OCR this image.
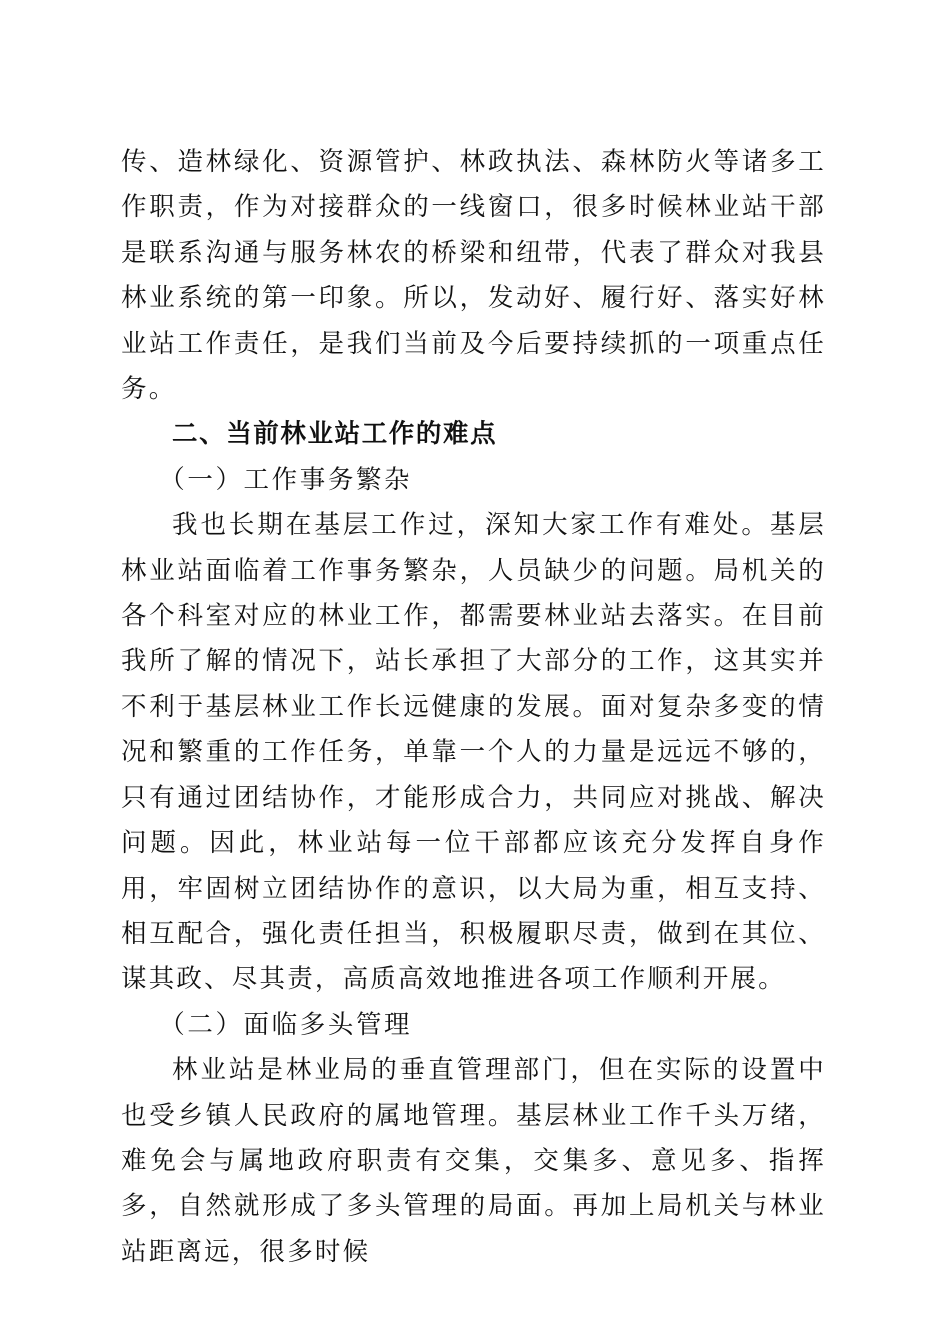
传、造林绿化、资源管护、林政执法、森林防火等诸多工作职责，作为对接群众的一线窗口，很多时候林业站干部是联系沟通与服务林农的桥梁和纽带，代表了群众对我县林业系统的第一印象。所以，发动好、履行好、落实好林业站工作责任，是我们当前及今后要持续抓的一项重点任务。

二、当前林业站工作的难点

（一）工作事务繁杂

我也长期在基层工作过，深知大家工作有难处。基层林业站面临着工作事务繁杂，人员缺少的问题。局机关的各个科室对应的林业工作，都需要林业站去落实。在目前我所了解的情况下，站长承担了大部分的工作，这其实并不利于基层林业工作长远健康的发展。面对复杂多变的情况和繁重的工作任务，单靠一个人的力量是远远不够的，只有通过团结协作，才能形成合力，共同应对挑战、解决问题。因此，林业站每一位干部都应该充分发挥自身作用，牢固树立团结协作的意识，以大局为重，相互支持、相互配合，强化责任担当，积极履职尽责，做到在其位、谋其政、尽其责，高质高效地推进各项工作顺利开展。

（二）面临多头管理

林业站是林业局的垂直管理部门，但在实际的设置中也受乡镇人民政府的属地管理。基层林业工作千头万绪，难免会与属地政府职责有交集，交集多、意见多、指挥多，自然就形成了多头管理的局面。再加上局机关与林业站距离远，很多时候
